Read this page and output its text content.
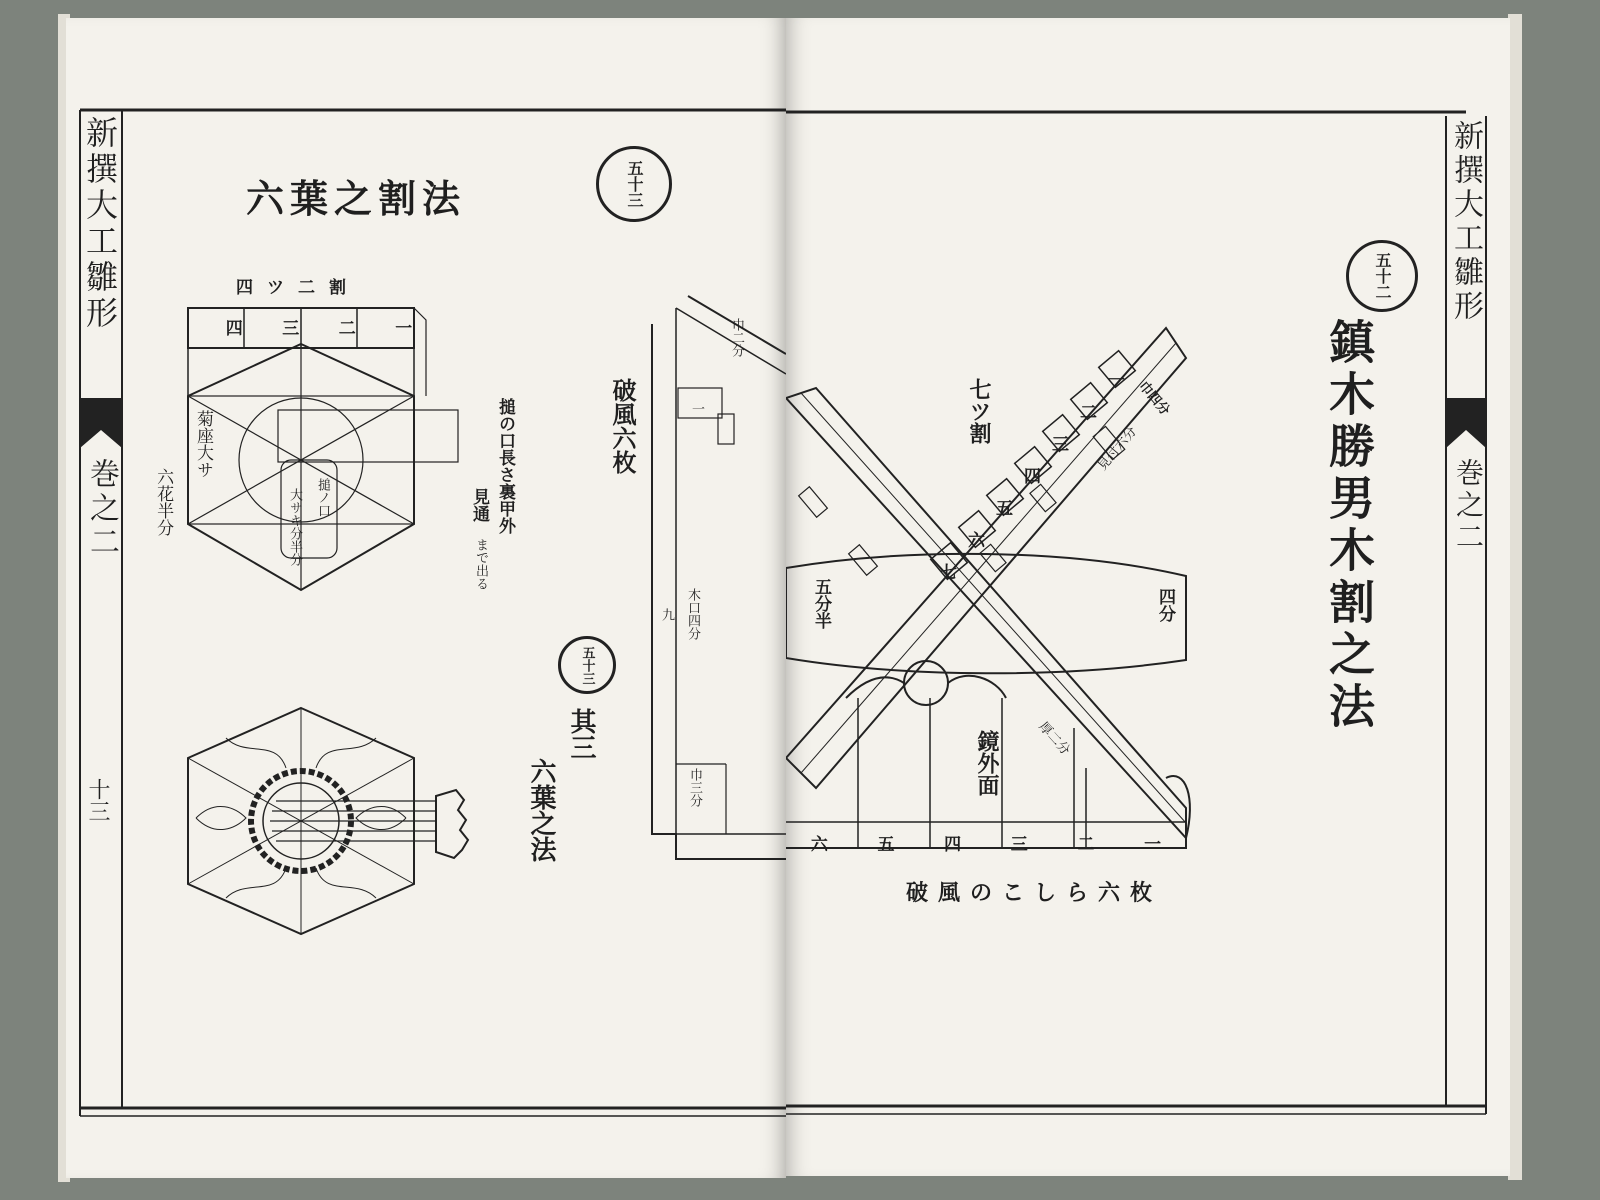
新撰大工雛形
巻之二
十三
五十三
六葉之割法
四ツ二割
四 三 二 一
菊座大サ
六花半分	搥ノ口
大サキ分半分	搥の口長さ裏甲外
見通
まで出る
五十三
其三
六葉之法
破風六枚
九 木口四分
巾三分
巾二分
一
新撰大工雛形
巻之二
五十二
鎮木勝男木割之法
七ツ割	一
二
三
四
五
六
七
巾四分
見付六分
四分
五分半
鏡外面	厚二分
六	五	四	三	二	一
破風のこしら六枚
